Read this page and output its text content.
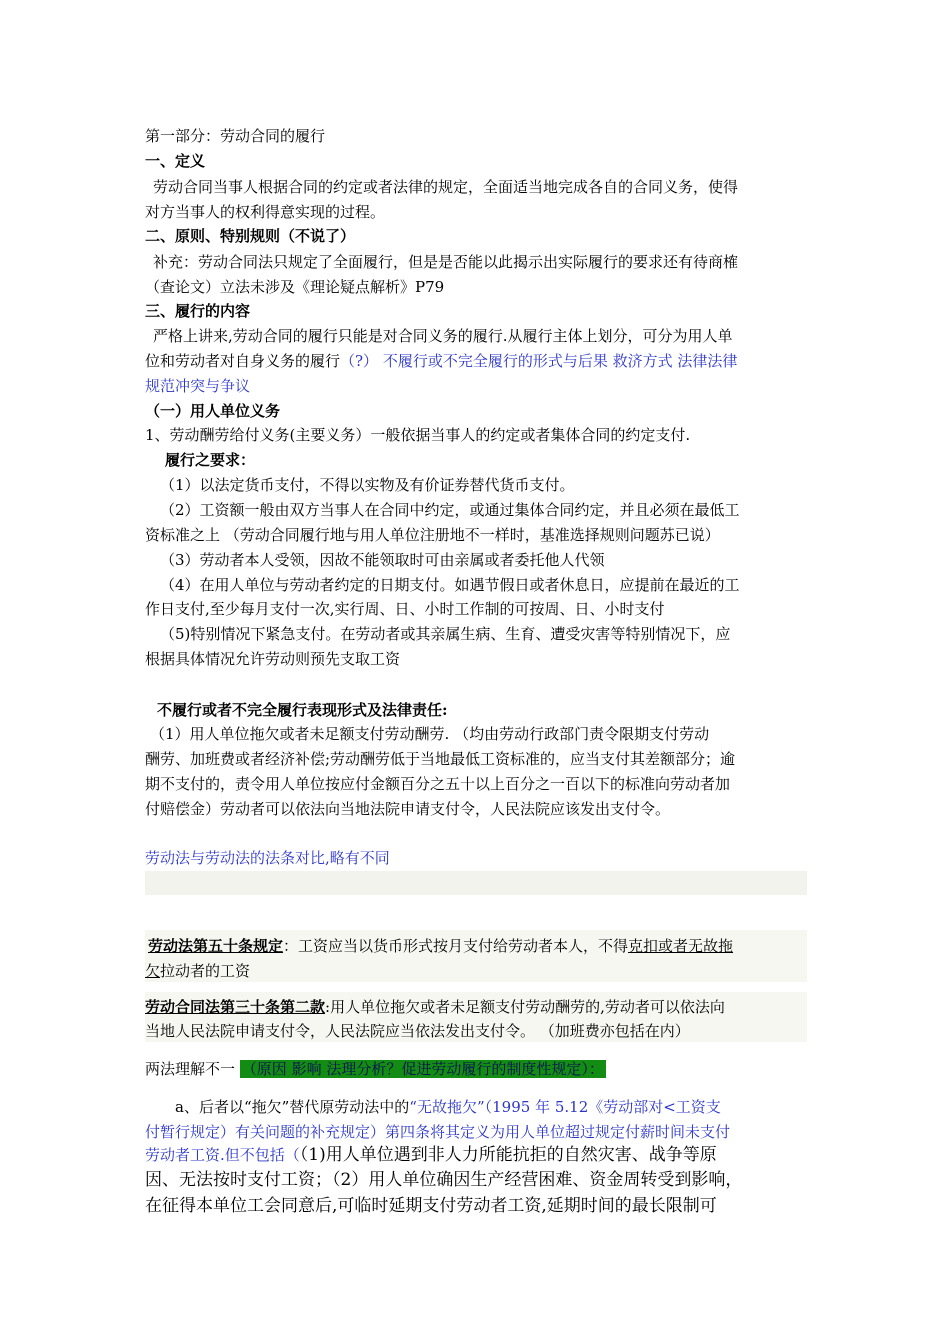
第一部分：劳动合同的履行
一、定义
劳动合同当事人根据合同的约定或者法律的规定，全面适当地完成各自的合同义务，使得
对方当事人的权利得意实现的过程。
二、原则、特别规则（不说了）
补充：劳动合同法只规定了全面履行，但是是否能以此揭示出实际履行的要求还有待商榷
（查论文）立法未涉及《理论疑点解析》P79
三、履行的内容
严格上讲来,劳动合同的履行只能是对合同义务的履行.从履行主体上划分，可分为用人单
位和劳动者对自身义务的履行（?） 不履行或不完全履行的形式与后果 救济方式 法律法律
规范冲突与争议
（一）用人单位义务
1、劳动酬劳给付义务(主要义务）一般依据当事人的约定或者集体合同的约定支付.
履行之要求：
（1）以法定货币支付，不得以实物及有价证券替代货币支付。
（2）工资额一般由双方当事人在合同中约定，或通过集体合同约定，并且必须在最低工
资标准之上 （劳动合同履行地与用人单位注册地不一样时，基准选择规则问题苏已说）
（3）劳动者本人受领，因故不能领取时可由亲属或者委托他人代领
（4）在用人单位与劳动者约定的日期支付。如遇节假日或者休息日，应提前在最近的工
作日支付,至少每月支付一次,实行周、日、小时工作制的可按周、日、小时支付
（5)特别情况下紧急支付。在劳动者或其亲属生病、生育、遭受灾害等特别情况下，应
根据具体情况允许劳动则预先支取工资
不履行或者不完全履行表现形式及法律责任:
（1）用人单位拖欠或者未足额支付劳动酬劳. （均由劳动行政部门责令限期支付劳动
酬劳、加班费或者经济补偿;劳动酬劳低于当地最低工资标准的，应当支付其差额部分；逾
期不支付的，责令用人单位按应付金额百分之五十以上百分之一百以下的标准向劳动者加
付赔偿金）劳动者可以依法向当地法院申请支付令，人民法院应该发出支付令。
劳动法与劳动法的法条对比,略有不同
劳动法第五十条规定：工资应当以货币形式按月支付给劳动者本人，不得克扣或者无故拖
欠拉动者的工资
劳动合同法第三十条第二款:用人单位拖欠或者未足额支付劳动酬劳的,劳动者可以依法向
当地人民法院申请支付令，人民法院应当依法发出支付令。 （加班费亦包括在内）
两法理解不一 （原因 影响 法理分析？促进劳动履行的制度性规定）：
a、后者以“拖欠”替代原劳动法中的“无故拖欠”（1995 年 5.12《劳动部对<工资支
付暂行规定）有关问题的补充规定）第四条将其定义为用人单位超过规定付薪时间未支付
劳动者工资.但不包括（（1)用人单位遇到非人力所能抗拒的自然灾害、战争等原
因、无法按时支付工资；（2）用人单位确因生产经营困难、资金周转受到影响，
在征得本单位工会同意后,可临时延期支付劳动者工资,延期时间的最长限制可
